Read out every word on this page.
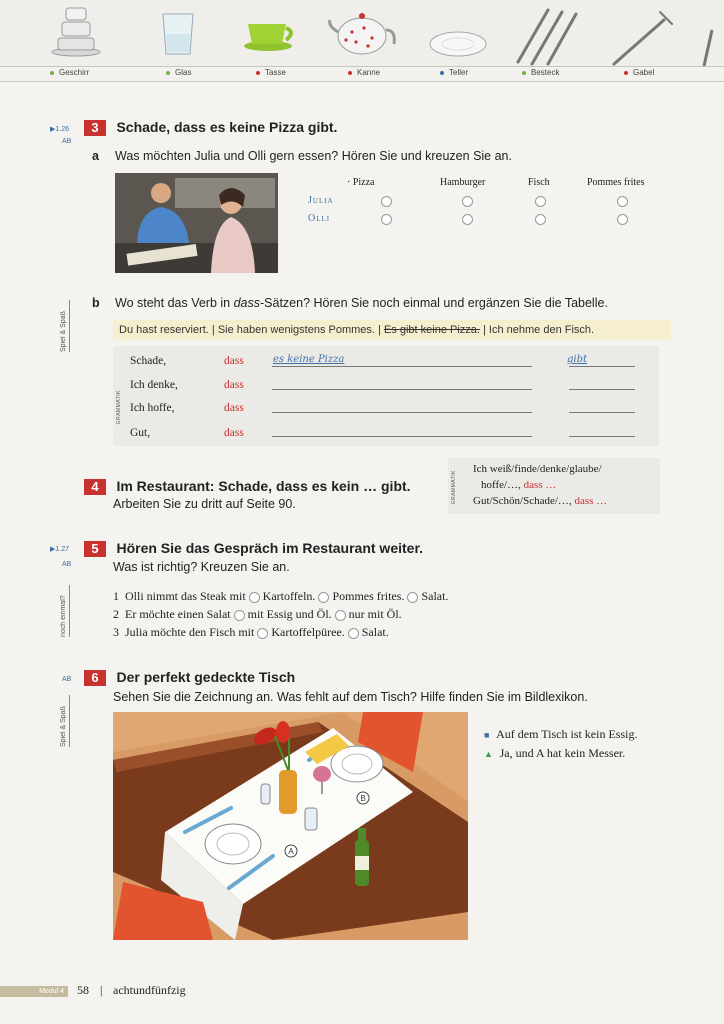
Geschirr	Glas	Tasse	Kanne	Teller	Besteck	Gabel
▶1.26
AB
3 Schade, dass es keine Pizza gibt.
a Was möchten Julia und Olli gern essen? Hören Sie und kreuzen Sie an.
· Pizza	Hamburger	Fisch	Pommes frites
Julia
Olli
Spiel & Spaß
b Wo steht das Verb in dass-Sätzen? Hören Sie noch einmal und ergänzen Sie die Tabelle.
Du hast reserviert. | Sie haben wenigstens Pommes. | Es gibt keine Pizza. | Ich nehme den Fisch.
GRAMMATIK
Schade,	dass	es keine Pizza	gibt
Ich denke,	dass
Ich hoffe,	dass
Gut,	dass
4 Im Restaurant: Schade, dass es kein … gibt.
Arbeiten Sie zu dritt auf Seite 90.	GRAMMATIK
Ich weiß/finde/denke/glaube/
hoffe/…, dass …
Gut/Schön/Schade/…, dass …
▶1.27
AB
5 Hören Sie das Gespräch im Restaurant weiter.
Was ist richtig? Kreuzen Sie an.
noch einmal?	1 Olli nimmt das Steak mit Kartoffeln. Pommes frites. Salat.
2 Er möchte einen Salat mit Essig und Öl. nur mit Öl.
3 Julia möchte den Fisch mit Kartoffelpüree. Salat.
AB	6 Der perfekt gedeckte Tisch
Sehen Sie die Zeichnung an. Was fehlt auf dem Tisch? Hilfe finden Sie im Bildlexikon.
Spiel & Spaß
A
B
■ Auf dem Tisch ist kein Essig.
▲ Ja, und A hat kein Messer.
Modul 4	58 | achtundfünfzig
